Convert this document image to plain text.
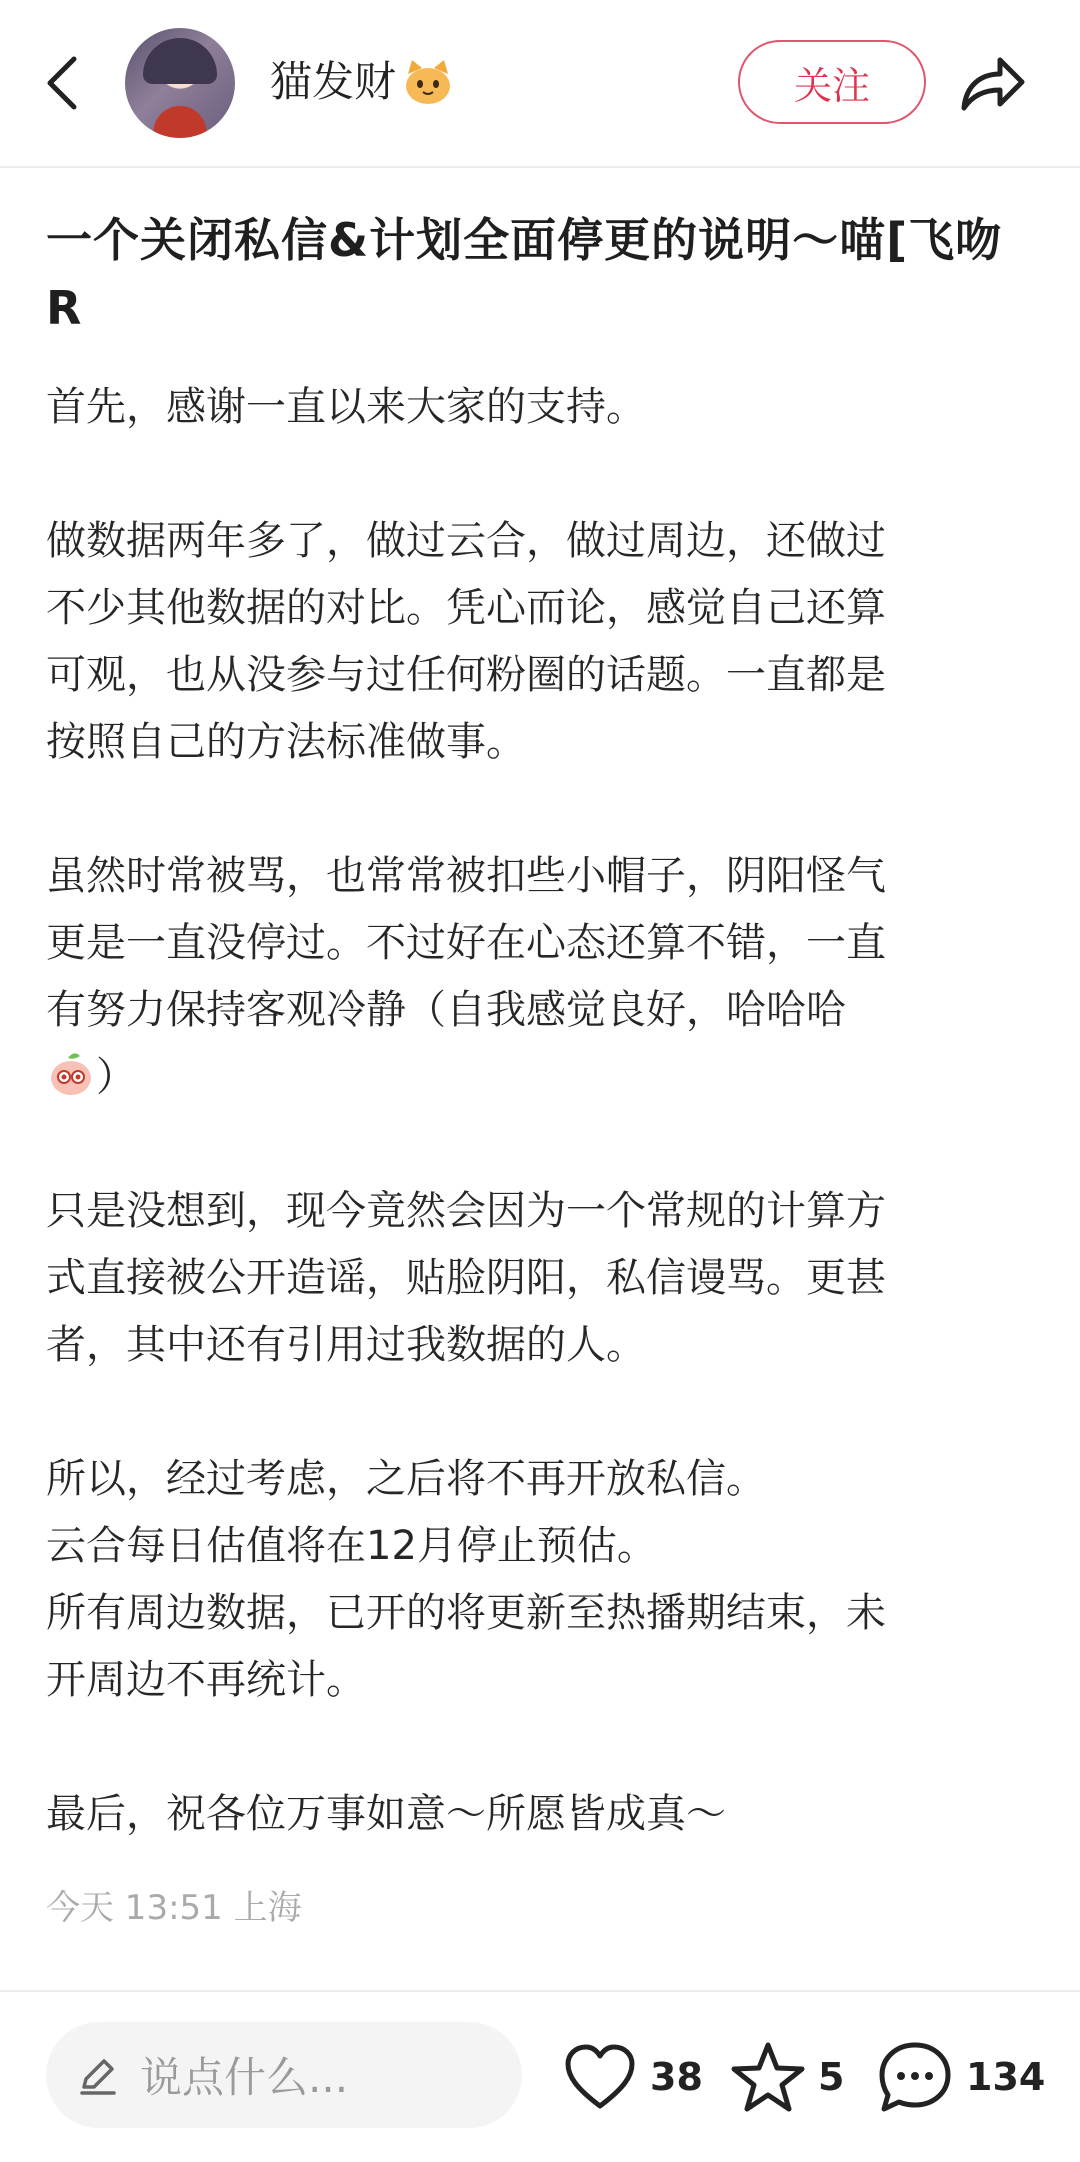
猫发财	关注
一个关闭私信&计划全面停更的说明～喵[飞吻R

首先，感谢一直以来大家的支持。

做数据两年多了，做过云合，做过周边，还做过
不少其他数据的对比。凭心而论，感觉自己还算
可观，也从没参与过任何粉圈的话题。一直都是
按照自己的方法标准做事。

虽然时常被骂，也常常被扣些小帽子，阴阳怪气
更是一直没停过。不过好在心态还算不错，一直
有努力保持客观冷静（自我感觉良好，哈哈哈
）

只是没想到，现今竟然会因为一个常规的计算方
式直接被公开造谣，贴脸阴阳，私信谩骂。更甚
者，其中还有引用过我数据的人。

所以，经过考虑，之后将不再开放私信。
云合每日估值将在12月停止预估。
所有周边数据，已开的将更新至热播期结束，未
开周边不再统计。

最后，祝各位万事如意～所愿皆成真～

今天 13:51 上海
说点什么...	38	5	134
